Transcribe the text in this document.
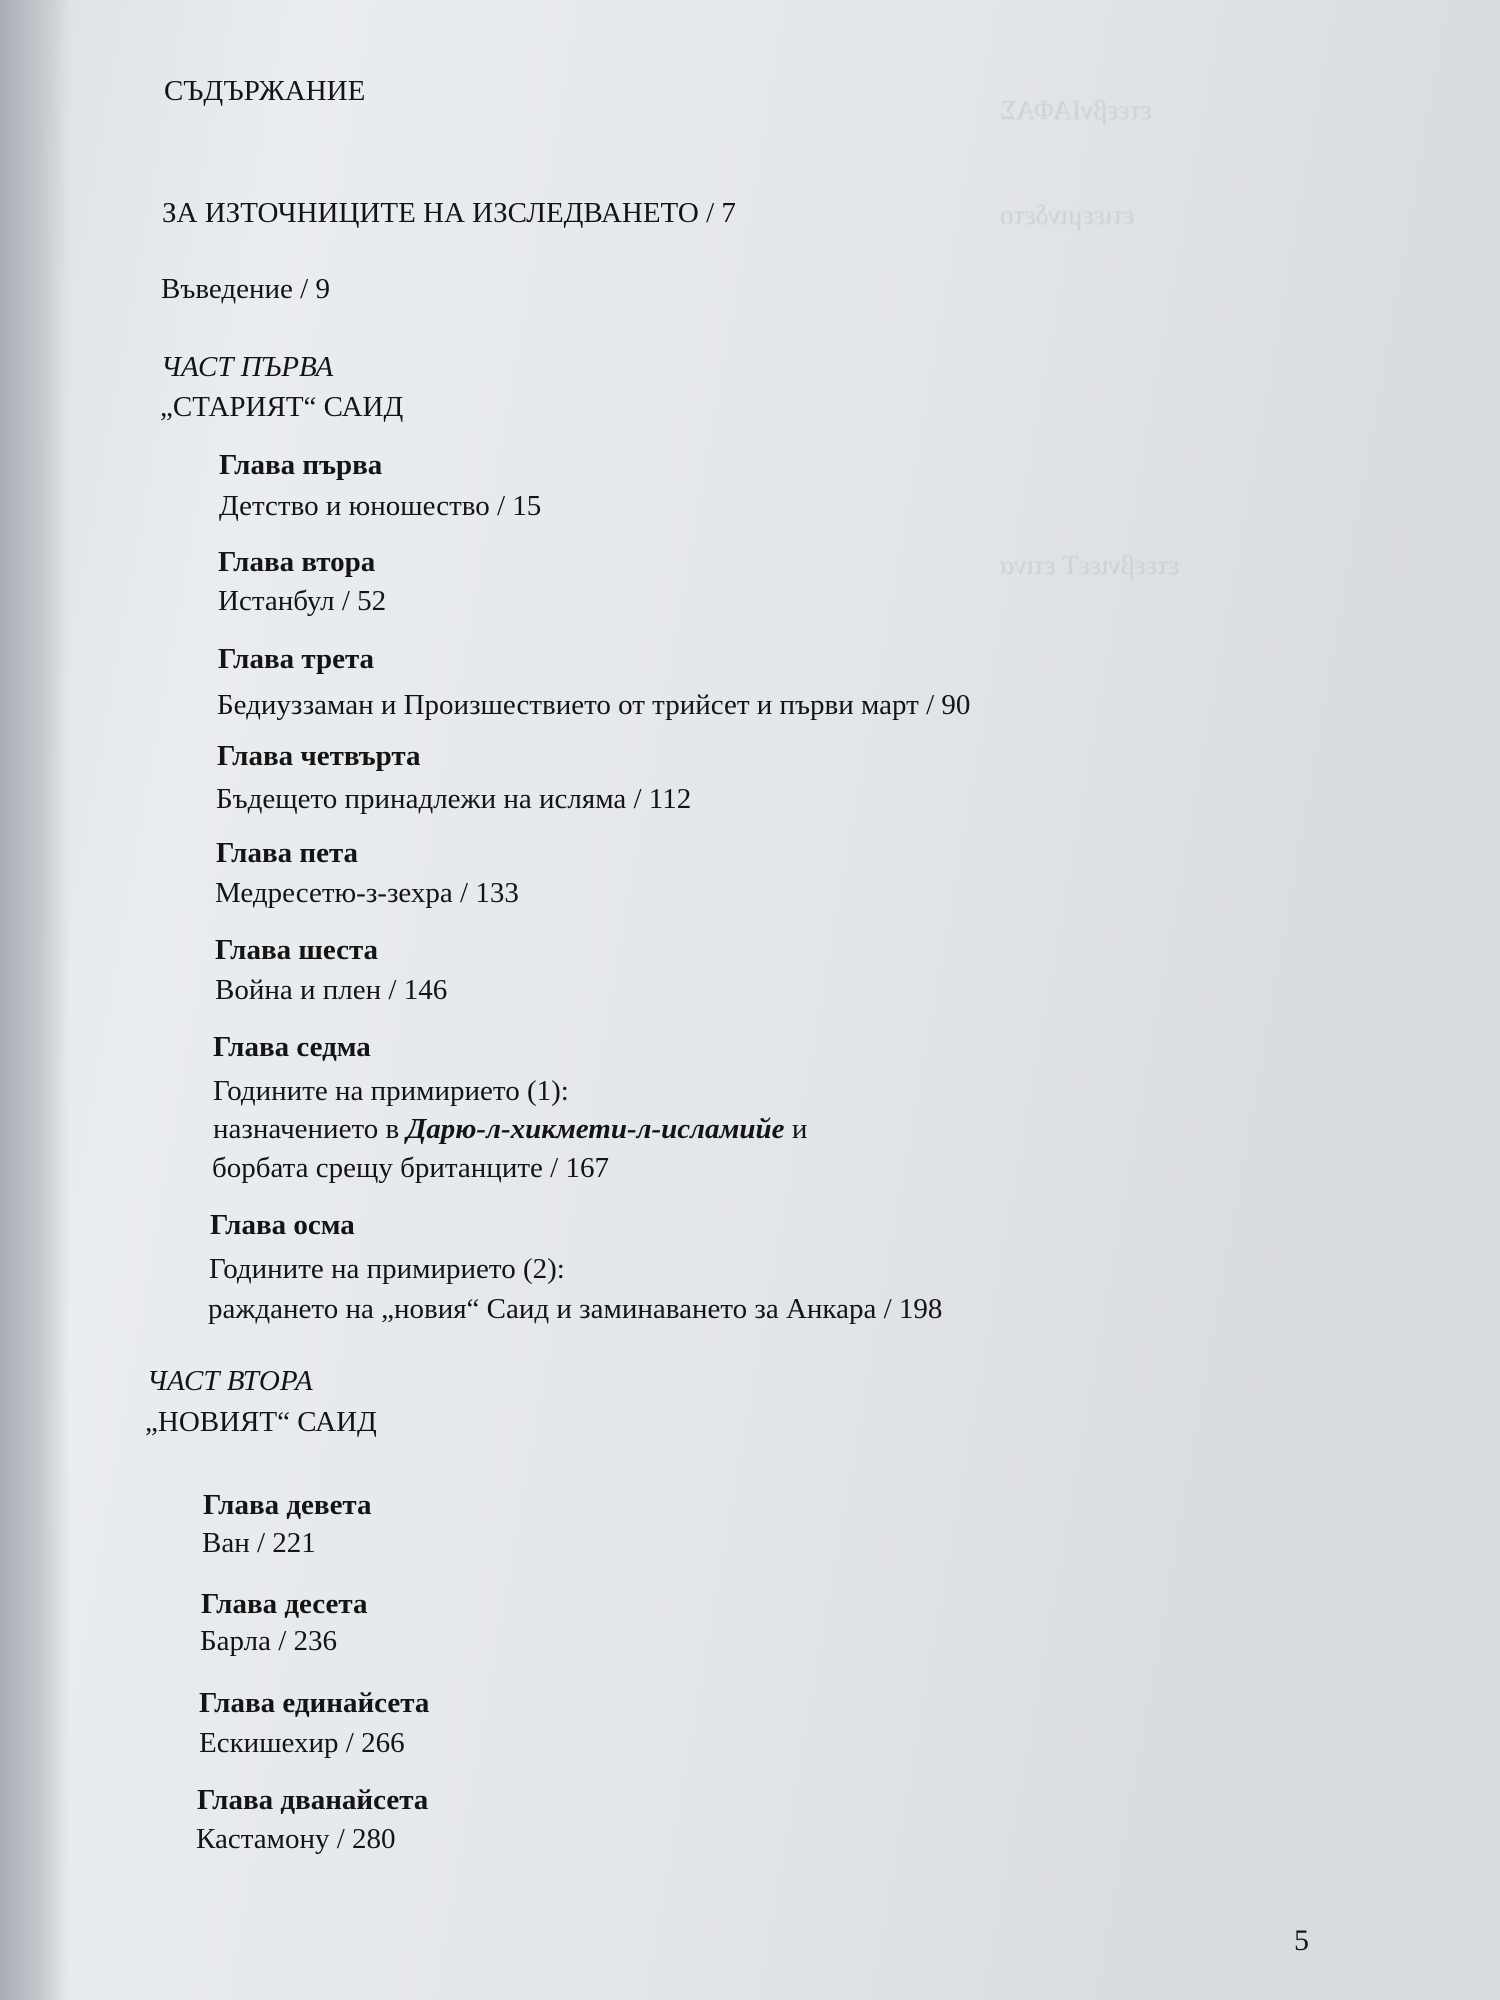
ετεεβνΙΑΦΑΣ
ετιεεμινδετο
ετεεβνιεεΤ ετινα
СЪДЪРЖАНИЕ
ЗА ИЗТОЧНИЦИТЕ НА ИЗСЛЕДВАНЕТО / 7
Въведение / 9
ЧАСТ ПЪРВА
„СТАРИЯТ“ САИД
Глава първа
Детство и юношество / 15
Глава втора
Истанбул / 52
Глава трета
Бедиуззаман и Произшествието от трийсет и първи март / 90
Глава четвърта
Бъдещето принадлежи на исляма / 112
Глава пета
Медресетю-з-зехра / 133
Глава шеста
Война и плен / 146
Глава седма
Годините на примирието (1):
назначението в Дарю-л-хикмети-л-исламийе и
борбата срещу британците / 167
Глава осма
Годините на примирието (2):
раждането на „новия“ Саид и заминаването за Анкара / 198
ЧАСТ ВТОРА
„НОВИЯТ“ САИД
Глава девета
Ван / 221
Глава десета
Барла / 236
Глава единайсета
Ескишехир / 266
Глава дванайсета
Кастамону / 280
5
